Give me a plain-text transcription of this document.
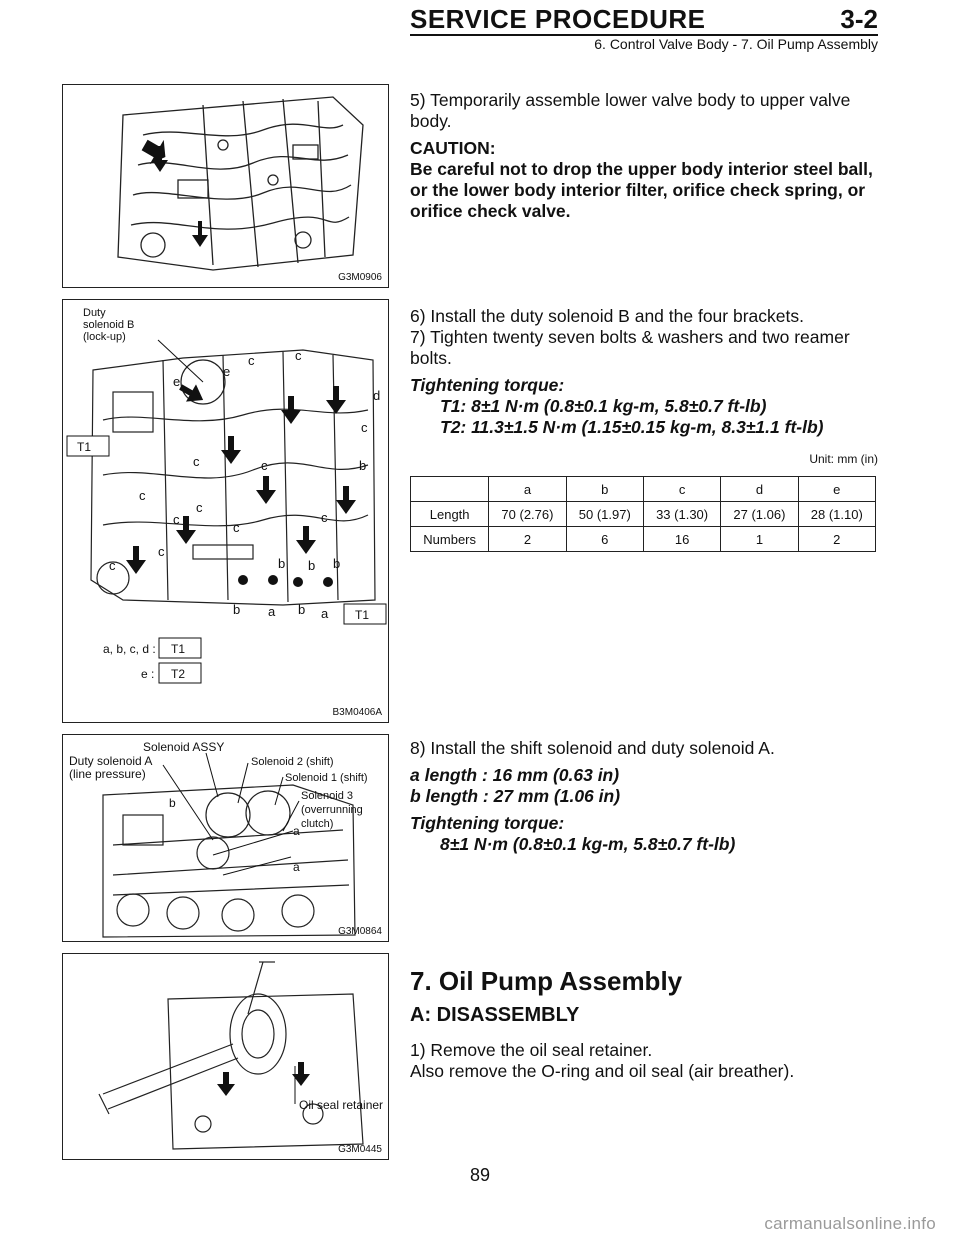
SERVICE PROCEDURE	3-2
6. Control Valve Body - 7. Oil Pump Assembly
G3M0906

5) Temporarily assemble lower valve body to upper valve body.

CAUTION:

Be careful not to drop the upper body interior steel ball, or the lower body interior filter, orifice check spring, or orifice check valve.

Duty
solenoid B
(lock-up)
c	c
e
e
d
c
b
c	c
c
c
c	c
c
c
c	b b b
b a b a
T1
T1
a, b, c, d : T1
e : T2
B3M0406A

6) Install the duty solenoid B and the four brackets.

7) Tighten twenty seven bolts & washers and two reamer bolts.

Tightening torque:

T1: 8±1 N·m (0.8±0.1 kg-m, 5.8±0.7 ft-lb)

T2: 11.3±1.5 N·m (1.15±0.15 kg-m, 8.3±1.1 ft-lb)

Unit: mm (in)
	a	b	c	d	e
Length	70 (2.76)	50 (1.97)	33 (1.30)	27 (1.06)	28 (1.10)
Numbers	2	6	16	1	2
Solenoid ASSY
Duty solenoid A
(line pressure)
Solenoid 2 (shift)
Solenoid 1 (shift)
Solenoid 3
(overrunning
clutch)
b
a
a
G3M0864

8) Install the shift solenoid and duty solenoid A.

a length : 16 mm (0.63 in)

b length : 27 mm (1.06 in)

Tightening torque:

8±1 N·m (0.8±0.1 kg-m, 5.8±0.7 ft-lb)

Oil seal retainer
G3M0445
7. Oil Pump Assembly
A: DISASSEMBLY

1) Remove the oil seal retainer.

Also remove the O-ring and oil seal (air breather).

89
carmanualsonline.info
